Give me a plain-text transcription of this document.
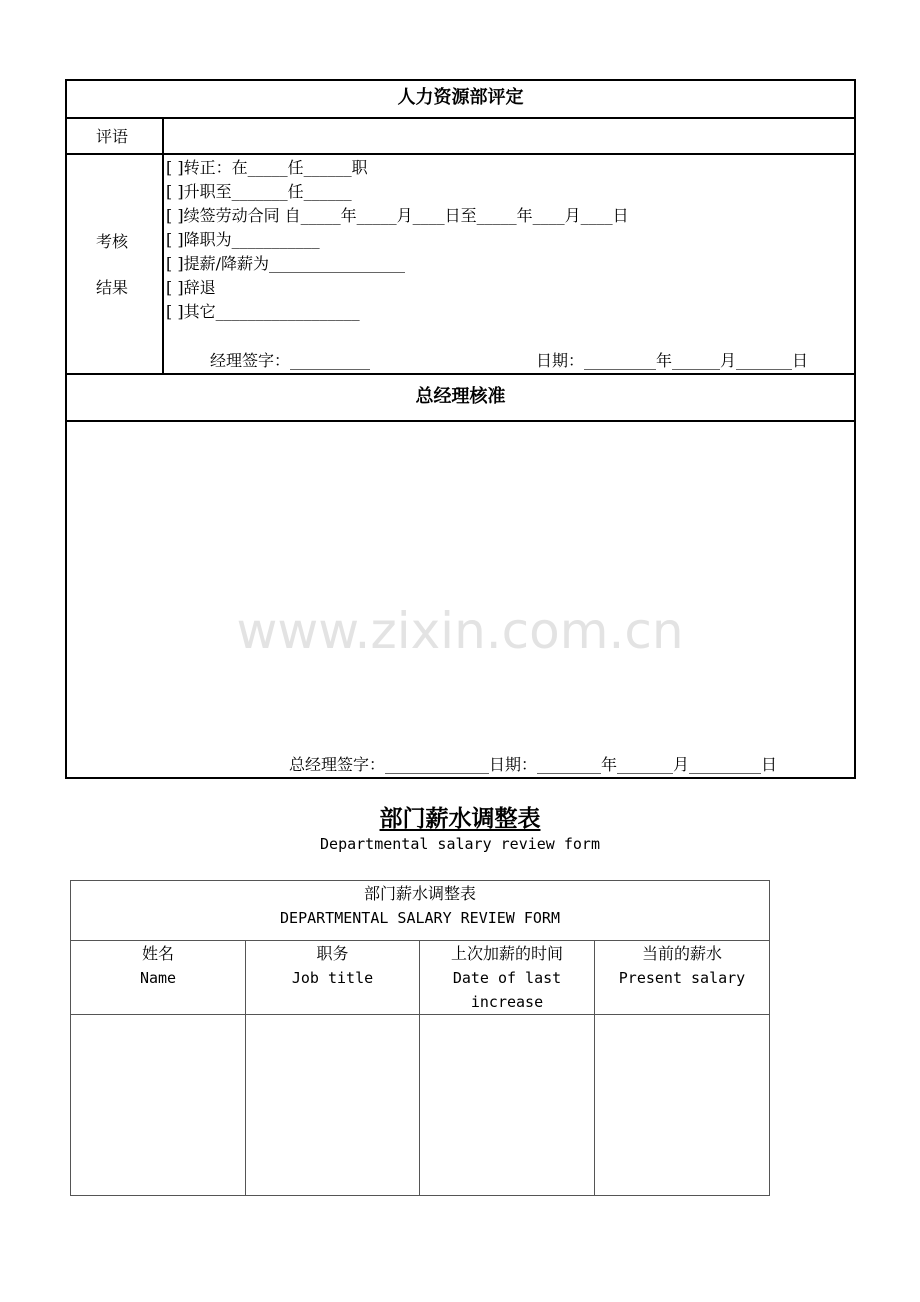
人力资源部评定
评语
考核
结果
[ ]转正：在_____任______职
[ ]升职至_______任______
[ ]续签劳动合同 自_____年_____月____日至_____年____月____日
[ ]降职为___________
[ ]提薪/降薪为_________________
[ ]辞退
[ ]其它__________________
经理签字：__________	日期：_________年______月_______日
总经理核准
总经理签字：_____________日期：________年_______月_________日
www.zixin.com.cn
部门薪水调整表
Departmental salary review form
部门薪水调整表
DEPARTMENTAL SALARY REVIEW FORM
姓名
Name
职务
Job title
上次加薪的时间
Date of last increase
当前的薪水
Present salary
